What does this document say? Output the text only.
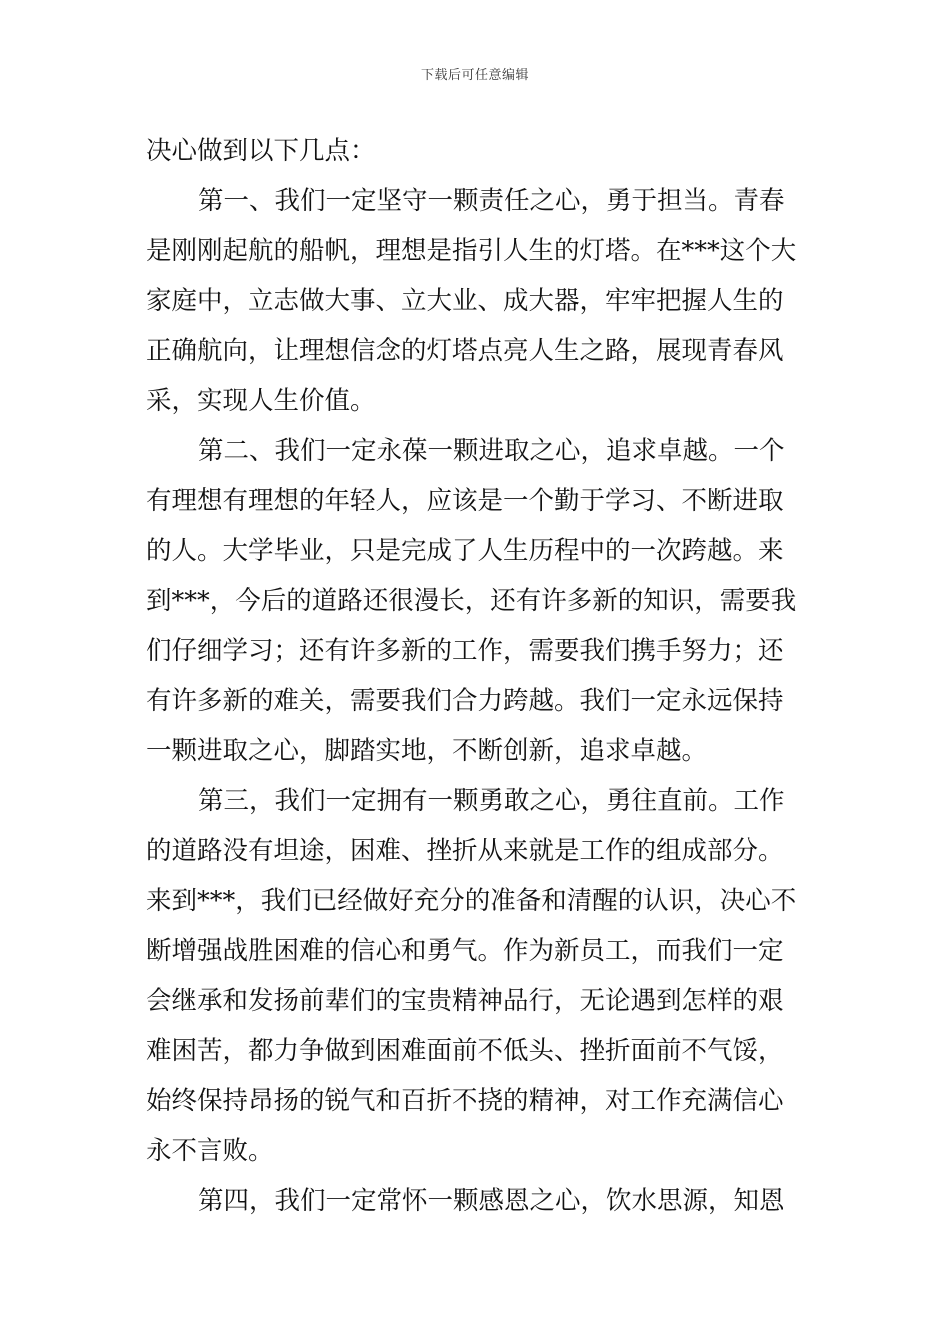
下载后可任意编辑
决心做到以下几点：
第一、我们一定坚守一颗责任之心，勇于担当。青春
是刚刚起航的船帆，理想是指引人生的灯塔。在***这个大
家庭中，立志做大事、立大业、成大器，牢牢把握人生的
正确航向，让理想信念的灯塔点亮人生之路，展现青春风
采，实现人生价值。
第二、我们一定永葆一颗进取之心，追求卓越。一个
有理想有理想的年轻人，应该是一个勤于学习、不断进取
的人。大学毕业，只是完成了人生历程中的一次跨越。来
到***，今后的道路还很漫长，还有许多新的知识，需要我
们仔细学习；还有许多新的工作，需要我们携手努力；还
有许多新的难关，需要我们合力跨越。我们一定永远保持
一颗进取之心，脚踏实地，不断创新，追求卓越。
第三，我们一定拥有一颗勇敢之心，勇往直前。工作
的道路没有坦途，困难、挫折从来就是工作的组成部分。
来到***，我们已经做好充分的准备和清醒的认识，决心不
断增强战胜困难的信心和勇气。作为新员工，而我们一定
会继承和发扬前辈们的宝贵精神品行，无论遇到怎样的艰
难困苦，都力争做到困难面前不低头、挫折面前不气馁，
始终保持昂扬的锐气和百折不挠的精神，对工作充满信心
永不言败。
第四，我们一定常怀一颗感恩之心，饮水思源，知恩
